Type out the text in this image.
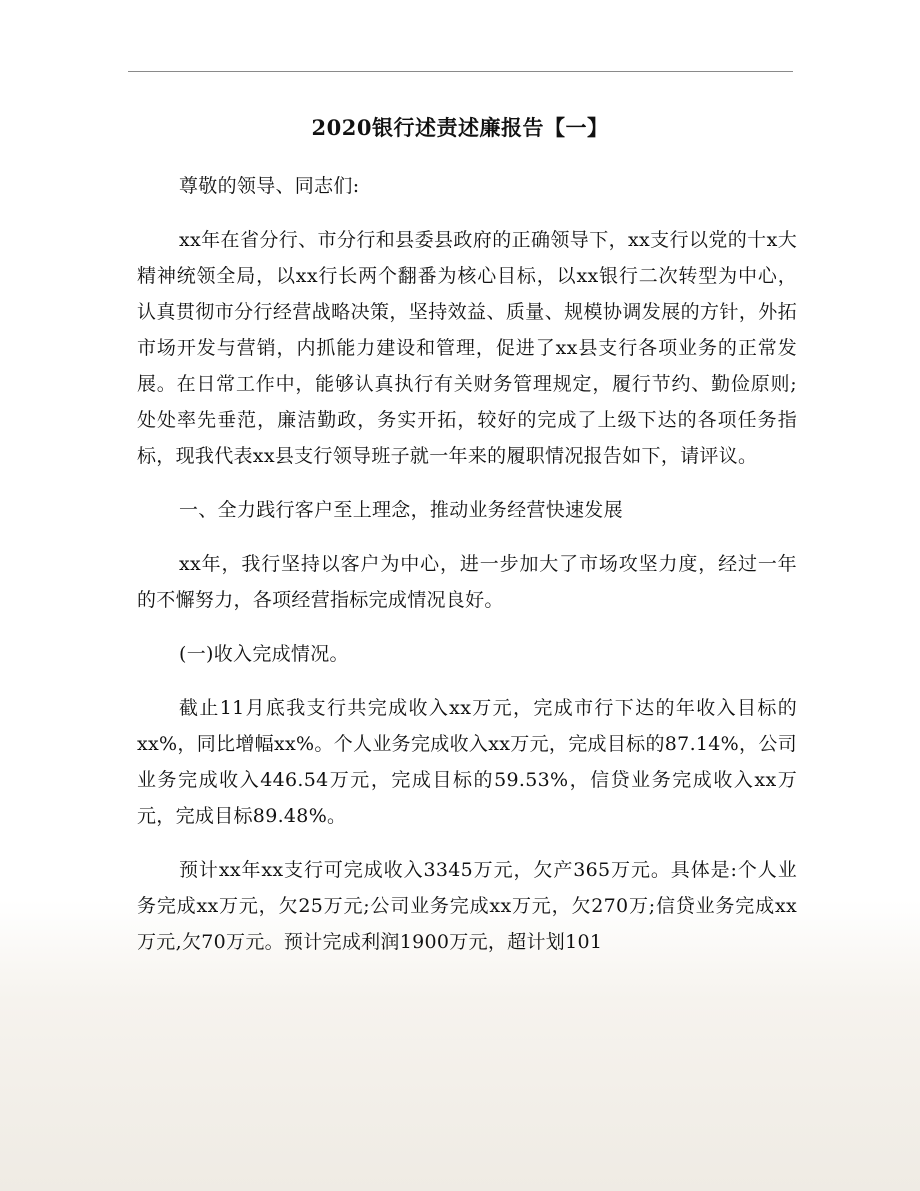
2020银行述责述廉报告【一】

尊敬的领导、同志们:

xx年在省分行、市分行和县委县政府的正确领导下，xx支行以党的十x大精神统领全局，以xx行长两个翻番为核心目标，以xx银行二次转型为中心，认真贯彻市分行经营战略决策，坚持效益、质量、规模协调发展的方针，外拓市场开发与营销，内抓能力建设和管理，促进了xx县支行各项业务的正常发展。在日常工作中，能够认真执行有关财务管理规定，履行节约、勤俭原则;处处率先垂范，廉洁勤政，务实开拓，较好的完成了上级下达的各项任务指标，现我代表xx县支行领导班子就一年来的履职情况报告如下，请评议。

一、全力践行客户至上理念，推动业务经营快速发展

xx年，我行坚持以客户为中心，进一步加大了市场攻坚力度，经过一年的不懈努力，各项经营指标完成情况良好。

(一)收入完成情况。

截止11月底我支行共完成收入xx万元，完成市行下达的年收入目标的xx%，同比增幅xx%。个人业务完成收入xx万元，完成目标的87.14%，公司业务完成收入446.54万元，完成目标的59.53%，信贷业务完成收入xx万元，完成目标89.48%。

预计xx年xx支行可完成收入3345万元，欠产365万元。具体是:个人业务完成xx万元，欠25万元;公司业务完成xx万元，欠270万;信贷业务完成xx万元,欠70万元。预计完成利润1900万元，超计划101
